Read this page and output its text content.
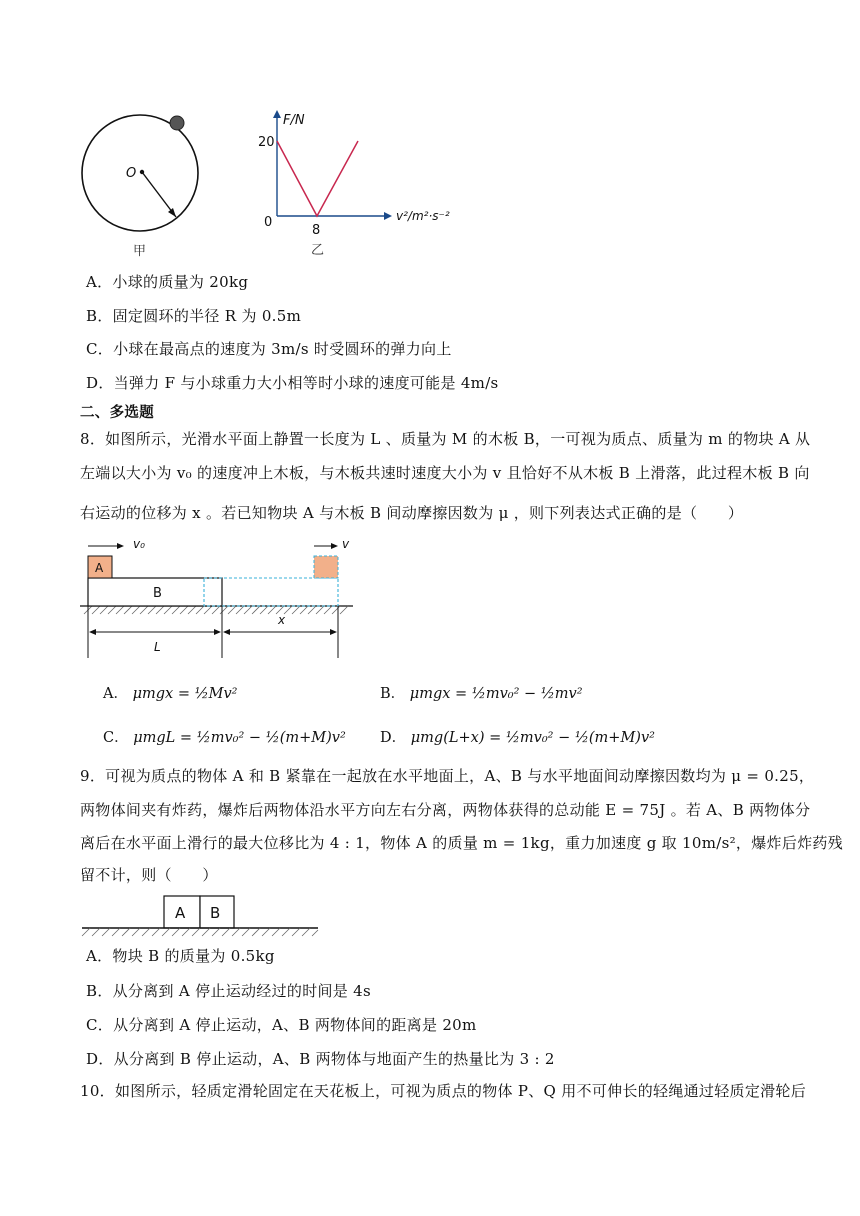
O
甲
F/N
v²/m²·s⁻²
20
0
8
乙
A．小球的质量为 20kg
B．固定圆环的半径 R 为 0.5m
C．小球在最高点的速度为 3m/s 时受圆环的弹力向上
D．当弹力 F 与小球重力大小相等时小球的速度可能是 4m/s
二、多选题
8．如图所示，光滑水平面上静置一长度为 L 、质量为 M 的木板 B，一可视为质点、质量为 m 的物块 A 从
左端以大小为 v₀ 的速度冲上木板，与木板共速时速度大小为 v 且恰好不从木板 B 上滑落，此过程木板 B 向
右运动的位移为 x 。若已知物块 A 与木板 B 间动摩擦因数为 μ ，则下列表达式正确的是（　　）
B
A
v₀	v
L
x
A． μmgx = ½Mv²	B． μmgx = ½mv₀² − ½mv²
C． μmgL = ½mv₀² − ½(m+M)v² D． μmg(L+x) = ½mv₀² − ½(m+M)v²
9．可视为质点的物体 A 和 B 紧靠在一起放在水平地面上，A、B 与水平地面间动摩擦因数均为 μ = 0.25，
两物体间夹有炸药，爆炸后两物体沿水平方向左右分离，两物体获得的总动能 E = 75J 。若 A、B 两物体分
离后在水平面上滑行的最大位移比为 4 : 1，物体 A 的质量 m = 1kg，重力加速度 g 取 10m/s²，爆炸后炸药残
留不计，则（　　）
A B
A．物块 B 的质量为 0.5kg
B．从分离到 A 停止运动经过的时间是 4s
C．从分离到 A 停止运动，A、B 两物体间的距离是 20m
D．从分离到 B 停止运动，A、B 两物体与地面产生的热量比为 3 : 2
10．如图所示，轻质定滑轮固定在天花板上，可视为质点的物体 P、Q 用不可伸长的轻绳通过轻质定滑轮后
